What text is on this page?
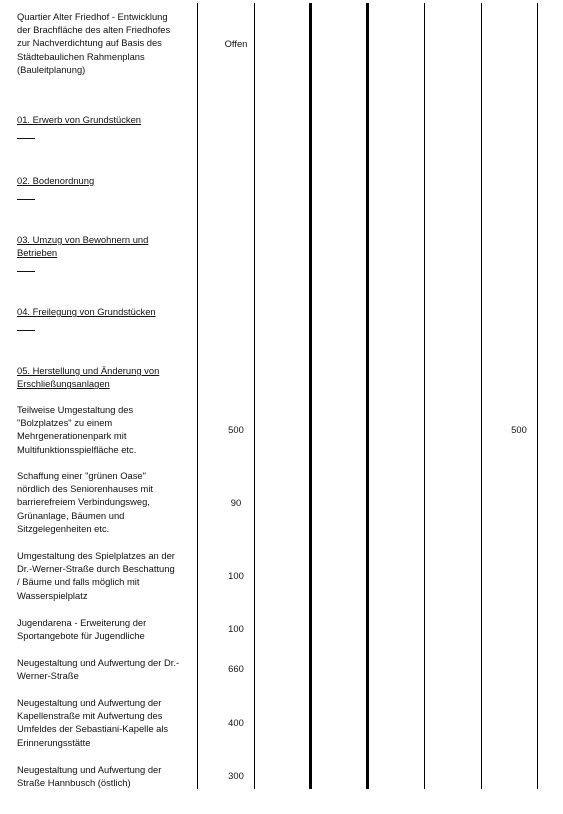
Quartier Alter Friedhof - Entwicklung
der Brachfläche des alten Friedhofes
zur Nachverdichtung auf Basis des
Städtebaulichen Rahmenplans
(Bauleitplanung)

Offen

01. Erwerb von Grundstücken

02. Bodenordnung

03. Umzug von Bewohnern und
Betrieben

04. Freilegung von Grundstücken

05. Herstellung und Änderung von
Erschließungsanlagen

Teilweise Umgestaltung des
"Bolzplatzes" zu einem
Mehrgenerationenpark mit
Multifunktionsspielfläche etc.

500	500

Schaffung einer "grünen Oase"
nördlich des Seniorenhauses mit
barrierefreiem Verbindungsweg,
Grünanlage, Bäumen und
Sitzgelegenheiten etc.

90

Umgestaltung des Spielplatzes an der
Dr.-Werner-Straße durch Beschattung
/ Bäume und falls möglich mit
Wasserspielplatz

100

Jugendarena - Erweiterung der
Sportangebote für Jugendliche

100

Neugestaltung und Aufwertung der Dr.-
Werner-Straße

660

Neugestaltung und Aufwertung der
Kapellenstraße mit Aufwertung des
Umfeldes der Sebastiani-Kapelle als
Erinnerungsstätte

400

Neugestaltung und Aufwertung der
Straße Hannbusch (östlich)

300
